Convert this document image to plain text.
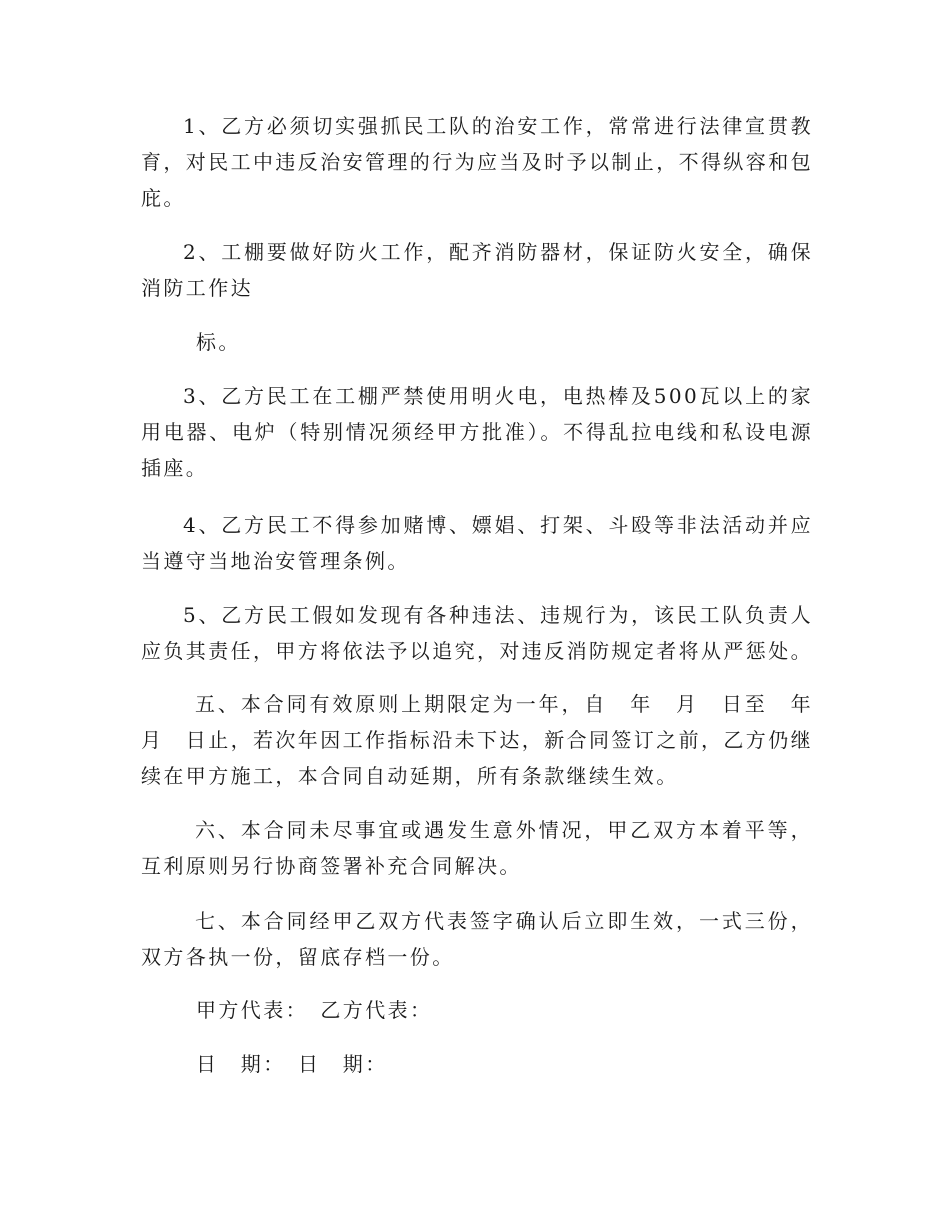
1、乙方必须切实强抓民工队的治安工作，常常进行法律宣贯教育，对民工中违反治安管理的行为应当及时予以制止，不得纵容和包庇。

2、工棚要做好防火工作，配齐消防器材，保证防火安全，确保消防工作达

标。

3、乙方民工在工棚严禁使用明火电，电热棒及500瓦以上的家用电器、电炉（特别情况须经甲方批准）。不得乱拉电线和私设电源插座。

4、乙方民工不得参加赌博、嫖娼、打架、斗殴等非法活动并应当遵守当地治安管理条例。

5、乙方民工假如发现有各种违法、违规行为，该民工队负责人应负其责任，甲方将依法予以追究，对违反消防规定者将从严惩处。

五、本合同有效原则上期限定为一年，自　年　月　日至　年　月　日止，若次年因工作指标沿未下达，新合同签订之前，乙方仍继续在甲方施工，本合同自动延期，所有条款继续生效。

六、本合同未尽事宜或遇发生意外情况，甲乙双方本着平等，互利原则另行协商签署补充合同解决。

七、本合同经甲乙双方代表签字确认后立即生效，一式三份，双方各执一份，留底存档一份。

甲方代表：　乙方代表：

日　期：　日　期：
